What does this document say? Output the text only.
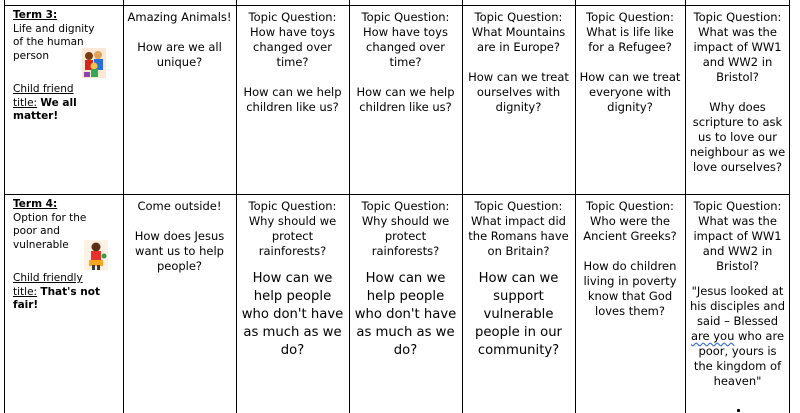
Term 3:
Life and dignity of the human person
Child friend
title: We all matter!

Amazing Animals!

How are we all unique?

Topic Question:

How have toys changed over time?

How can we help children like us?

Topic Question:

How have toys changed over time?

How can we help children like us?

Topic Question:

What Mountains are in Europe?

How can we treat ourselves with dignity?

Topic Question:

What is life like for a Refugee?

How can we treat everyone with dignity?

Topic Question:

What was the impact of WW1 and WW2 in Bristol?

Why does scripture to ask us to love our neighbour as we love ourselves?

Term 4:
Option for the poor and vulnerable
Child friendly
title: That's not fair!

Come outside!

How does Jesus want us to help people?

Topic Question:

Why should we protect rainforests?

How can we help people who don't have as much as we do?

Topic Question:

Why should we protect rainforests?

How can we help people who don't have as much as we do?

Topic Question:

What impact did the Romans have on Britain?

How can we support vulnerable people in our community?

Topic Question:

Who were the Ancient Greeks?

How do children living in poverty know that God loves them?

Topic Question:

What was the impact of WW1 and WW2 in Bristol?

"Jesus looked at his disciples and said – Blessed are you who are poor, yours is the kingdom of heaven"
